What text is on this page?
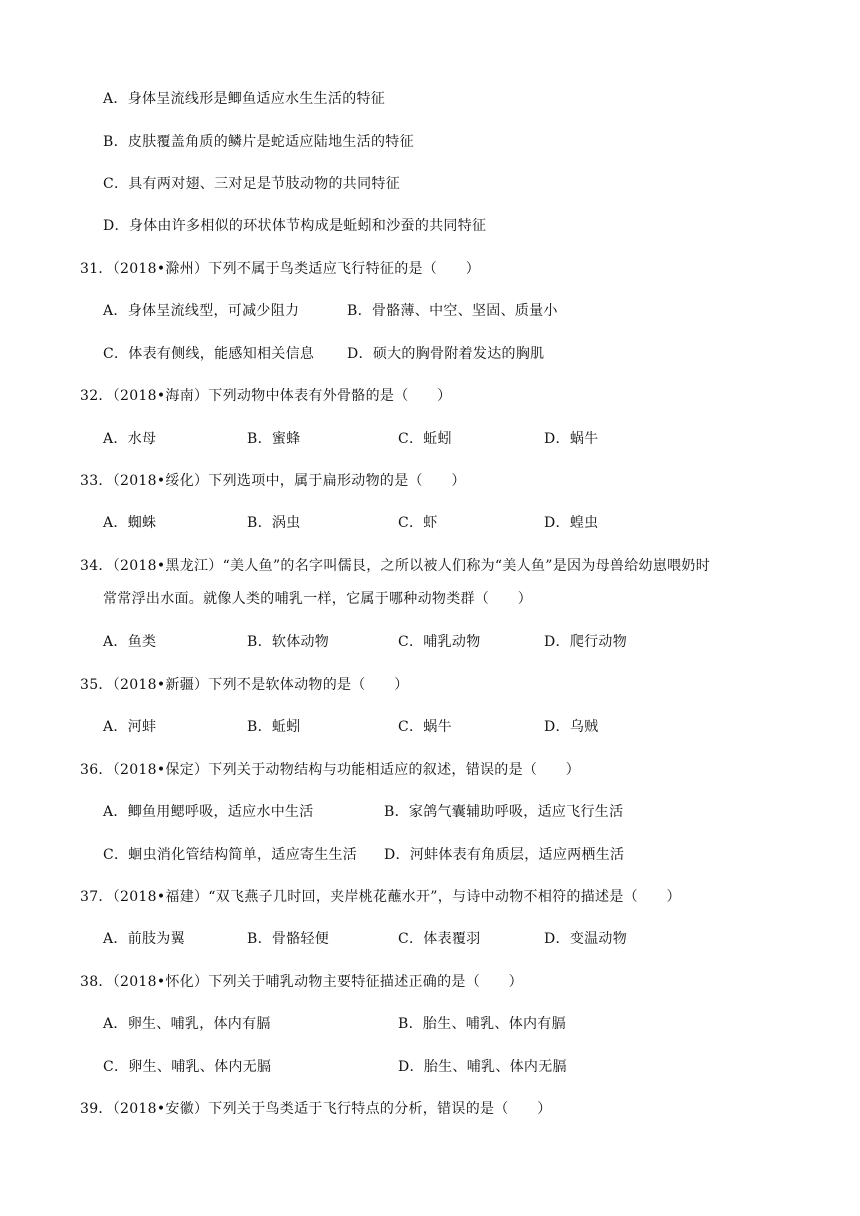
A．身体呈流线形是鲫鱼适应水生生活的特征
B．皮肤覆盖角质的鳞片是蛇适应陆地生活的特征
C．具有两对翅、三对足是节肢动物的共同特征
D．身体由许多相似的环状体节构成是蚯蚓和沙蚕的共同特征
31．（2018•滁州）下列不属于鸟类适应飞行特征的是（　　）
A．身体呈流线型，可减少阻力	B．骨骼薄、中空、坚固、质量小
C．体表有侧线，能感知相关信息 D．硕大的胸骨附着发达的胸肌
32．（2018•海南）下列动物中体表有外骨骼的是（　　）
A．水母	B．蜜蜂	C．蚯蚓	D．蜗牛
33．（2018•绥化）下列选项中，属于扁形动物的是（　　）
A．蜘蛛	B．涡虫	C．虾	D．蝗虫
34．（2018•黑龙江）“美人鱼”的名字叫儒艮，之所以被人们称为“美人鱼”是因为母兽给幼崽喂奶时
常常浮出水面。就像人类的哺乳一样，它属于哪种动物类群（　　）
A．鱼类	B．软体动物	C．哺乳动物	D．爬行动物
35．（2018•新疆）下列不是软体动物的是（　　）
A．河蚌	B．蚯蚓	C．蜗牛	D．乌贼
36．（2018•保定）下列关于动物结构与功能相适应的叙述，错误的是（　　）
A．鲫鱼用鳃呼吸，适应水中生活	B．家鸽气囊辅助呼吸，适应飞行生活
C．蛔虫消化管结构简单，适应寄生生活 D．河蚌体表有角质层，适应两栖生活
37．（2018•福建）“双飞燕子几时回，夹岸桃花蘸水开”，与诗中动物不相符的描述是（　　）
A．前肢为翼	B．骨骼轻便	C．体表覆羽	D．变温动物
38．（2018•怀化）下列关于哺乳动物主要特征描述正确的是（　　）
A．卵生、哺乳，体内有膈	B．胎生、哺乳、体内有膈
C．卵生、哺乳、体内无膈	D．胎生、哺乳、体内无膈
39．（2018•安徽）下列关于鸟类适于飞行特点的分析，错误的是（　　）
